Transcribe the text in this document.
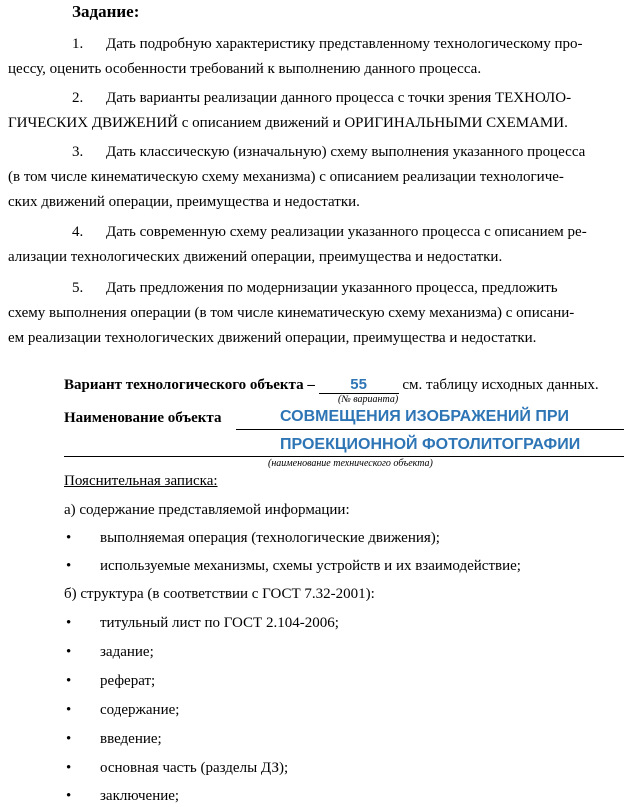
Задание:
1. Дать подробную характеристику представленному технологическому про-
цессу, оценить особенности требований к выполнению данного процесса.
2. Дать варианты реализации данного процесса с точки зрения ТЕХНОЛО-
ГИЧЕСКИХ ДВИЖЕНИЙ с описанием движений и ОРИГИНАЛЬНЫМИ СХЕМАМИ.
3. Дать классическую (изначальную) схему выполнения указанного процесса
(в том числе кинематическую схему механизма) с описанием реализации технологиче-
ских движений операции, преимущества и недостатки.
4. Дать современную схему реализации указанного процесса с описанием ре-
ализации технологических движений операции, преимущества и недостатки.
5. Дать предложения по модернизации указанного процесса, предложить
схему выполнения операции (в том числе кинематическую схему механизма) с описани-
ем реализации технологических движений операции, преимущества и недостатки.
Вариант технологического объекта – 55 см. таблицу исходных данных.
(№ варианта)
Наименование объекта	СОВМЕЩЕНИЯ ИЗОБРАЖЕНИЙ ПРИ
ПРОЕКЦИОННОЙ ФОТОЛИТОГРАФИИ
(наименование технического объекта)
Пояснительная записка:
а) содержание представляемой информации:
• выполняемая операция (технологические движения);
• используемые механизмы, схемы устройств и их взаимодействие;
б) структура (в соответствии с ГОСТ 7.32-2001):
• титульный лист по ГОСТ 2.104-2006;
• задание;
• реферат;
• содержание;
• введение;
• основная часть (разделы ДЗ);
• заключение;
